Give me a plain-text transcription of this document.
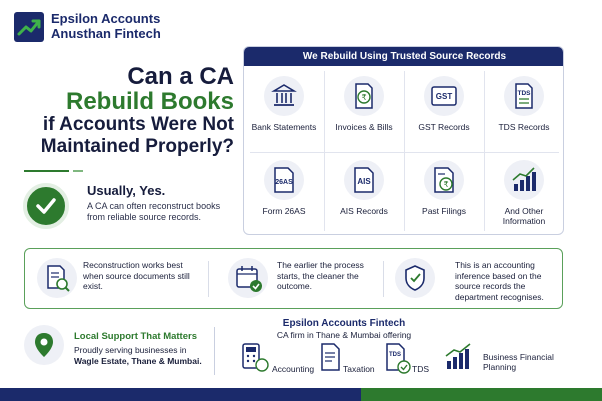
Epsilon Accounts
Anusthan Fintech
Can a CA
Rebuild Books
if Accounts Were Not
Maintained Properly?
Usually, Yes.
A CA can often reconstruct books from reliable source records.
We Rebuild Using Trusted Source Records
Bank Statements
₹
Invoices & Bills
GST
GST Records
TDS
TDS Records
26AS
Form 26AS
AIS
AIS Records
₹
Past Filings	And Other Information
Reconstruction works best when source documents still exist.
The earlier the process starts, the cleaner the outcome.
This is an accounting inference based on the source records the department recognises.
Local Support That Matters
Proudly serving businesses in
Wagle Estate, Thane & Mumbai.
Epsilon Accounts Fintech
CA firm in Thane & Mumbai offering
Accounting	Taxation
TDS
TDS
Business Financial Planning
